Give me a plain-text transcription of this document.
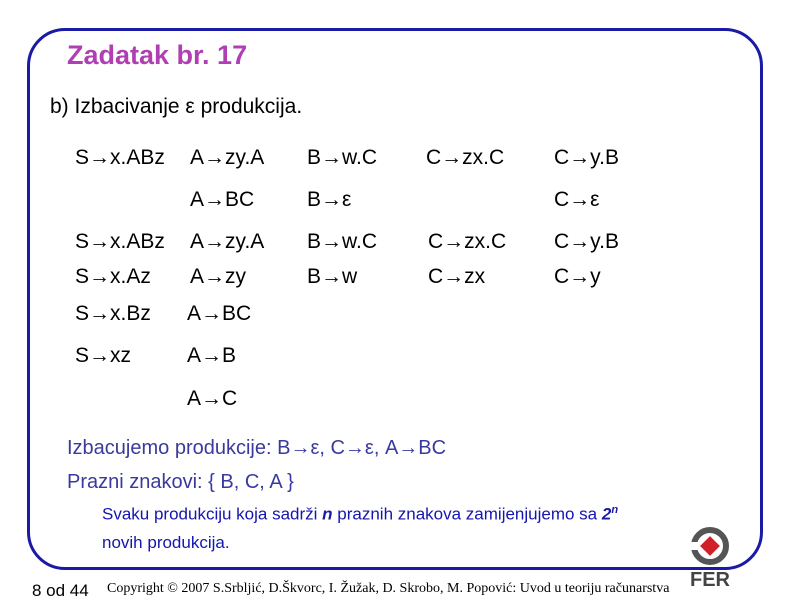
Zadatak br. 17
b) Izbacivanje ε produkcija.
S→x.ABz A→zy.A B→w.C C→zx.C C→y.B
A→BC	B→ε	C→ε
S→x.ABz
S→x.Az
S→x.Bz
S→xz
A→zy.A
A→zy
A→BC
A→B
A→C
B→w.C
B→w
C→zx.C
C→zx
C→y.B
C→y
Izbacujemo produkcije: B→ε, C→ε, A→BC
Prazni znakovi: { B, C, A }
Svaku produkciju koja sadrži n praznih znakova zamijenjujemo sa 2$^n$
novih produkcija.
8 od 44 Copyright © 2007 S.Srbljić, D.Škvorc, I. Žužak, D. Skrobo, M. Popović: Uvod u teoriju računarstva FER
